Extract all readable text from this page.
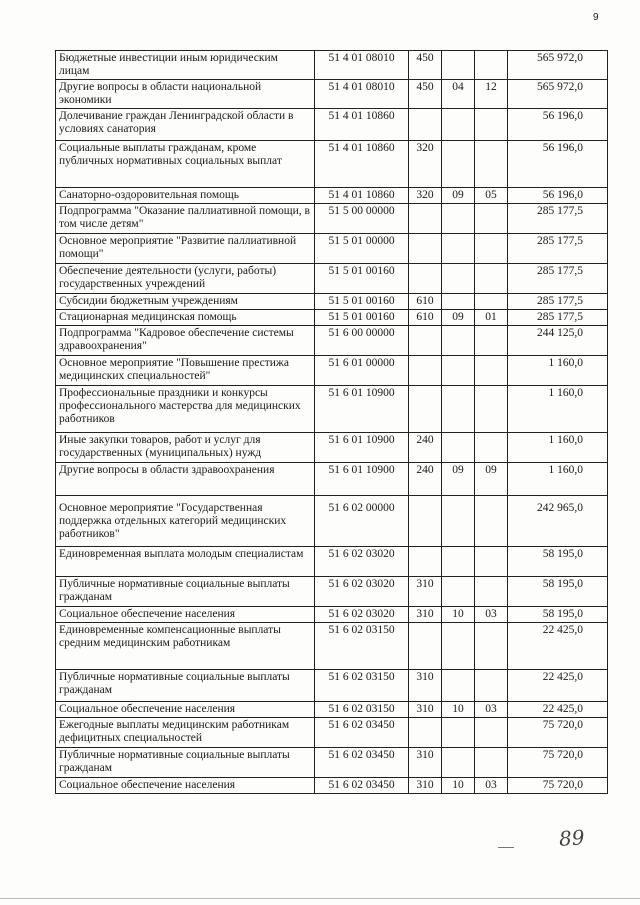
9
Бюджетные инвестиции иным юридическим лицам	51 4 01 08010	450			565 972,0
Другие вопросы в области национальной экономики	51 4 01 08010	450	04	12	565 972,0
Долечивание граждан Ленинградской области в условиях санатория	51 4 01 10860				56 196,0
Социальные выплаты гражданам, кроме публичных нормативных социальных выплат	51 4 01 10860	320			56 196,0
Санаторно-оздоровительная помощь	51 4 01 10860	320	09	05	56 196,0
Подпрограмма "Оказание паллиативной помощи, в том числе детям"	51 5 00 00000				285 177,5
Основное мероприятие "Развитие паллиативной помощи"	51 5 01 00000				285 177,5
Обеспечение деятельности (услуги, работы) государственных учреждений	51 5 01 00160				285 177,5
Субсидии бюджетным учреждениям	51 5 01 00160	610			285 177,5
Стационарная медицинская помощь	51 5 01 00160	610	09	01	285 177,5
Подпрограмма "Кадровое обеспечение системы здравоохранения"	51 6 00 00000				244 125,0
Основное мероприятие "Повышение престижа медицинских специальностей"	51 6 01 00000				1 160,0
Профессиональные праздники и конкурсы профессионального мастерства для медицинских работников	51 6 01 10900				1 160,0
Иные закупки товаров, работ и услуг для государственных (муниципальных) нужд	51 6 01 10900	240			1 160,0
Другие вопросы в области здравоохранения	51 6 01 10900	240	09	09	1 160,0
Основное мероприятие "Государственная поддержка отдельных категорий медицинских работников"	51 6 02 00000				242 965,0
Единовременная выплата молодым специалистам	51 6 02 03020				58 195,0
Публичные нормативные социальные выплаты гражданам	51 6 02 03020	310			58 195,0
Социальное обеспечение населения	51 6 02 03020	310	10	03	58 195,0
Единовременные компенсационные выплаты средним медицинским работникам	51 6 02 03150				22 425,0
Публичные нормативные социальные выплаты гражданам	51 6 02 03150	310			22 425,0
Социальное обеспечение населения	51 6 02 03150	310	10	03	22 425,0
Ежегодные выплаты медицинским работникам дефицитных специальностей	51 6 02 03450				75 720,0
Публичные нормативные социальные выплаты гражданам	51 6 02 03450	310			75 720,0
Социальное обеспечение населения	51 6 02 03450	310	10	03	75 720,0
89
